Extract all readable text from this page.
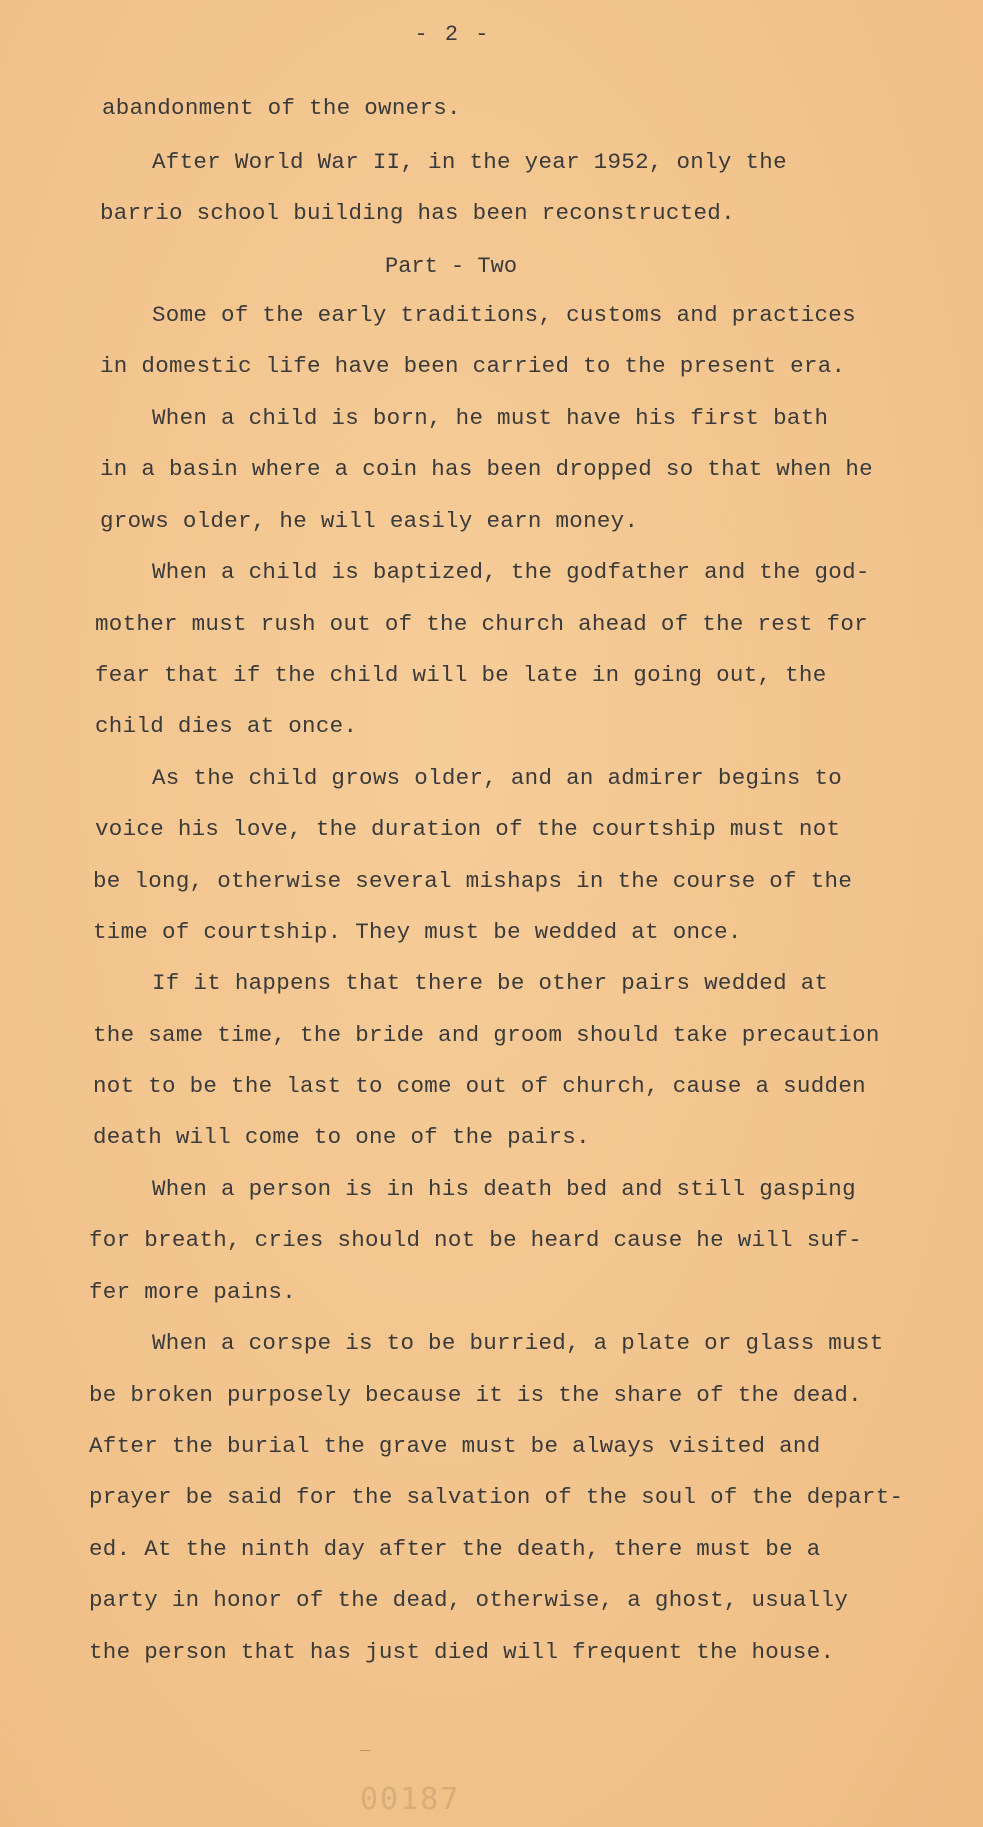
- 2 -
abandonment of the owners.
After World War II, in the year 1952, only the
barrio school building has been reconstructed.
Part - Two
Some of the early traditions, customs and practices
in domestic life have been carried to the present era.
When a child is born, he must have his first bath
in a basin where a coin has been dropped so that when he
grows older, he will easily earn money.
When a child is baptized, the godfather and the god-
mother must rush out of the church ahead of the rest for
fear that if the child will be late in going out, the
child dies at once.
As the child grows older, and an admirer begins to
voice his love, the duration of the courtship must not
be long, otherwise several mishaps in the course of the
time of courtship. They must be wedded at once.
If it happens that there be other pairs wedded at
the same time, the bride and groom should take precaution
not to be the last to come out of church, cause a sudden
death will come to one of the pairs.
When a person is in his death bed and still gasping
for breath, cries should not be heard cause he will suf-
fer more pains.
When a corspe is to be burried, a plate or glass must
be broken purposely because it is the share of the dead.
After the burial the grave must be always visited and
prayer be said for the salvation of the soul of the depart-
ed. At the ninth day after the death, there must be a
party in honor of the dead, otherwise, a ghost, usually
the person that has just died will frequent the house.
00187
